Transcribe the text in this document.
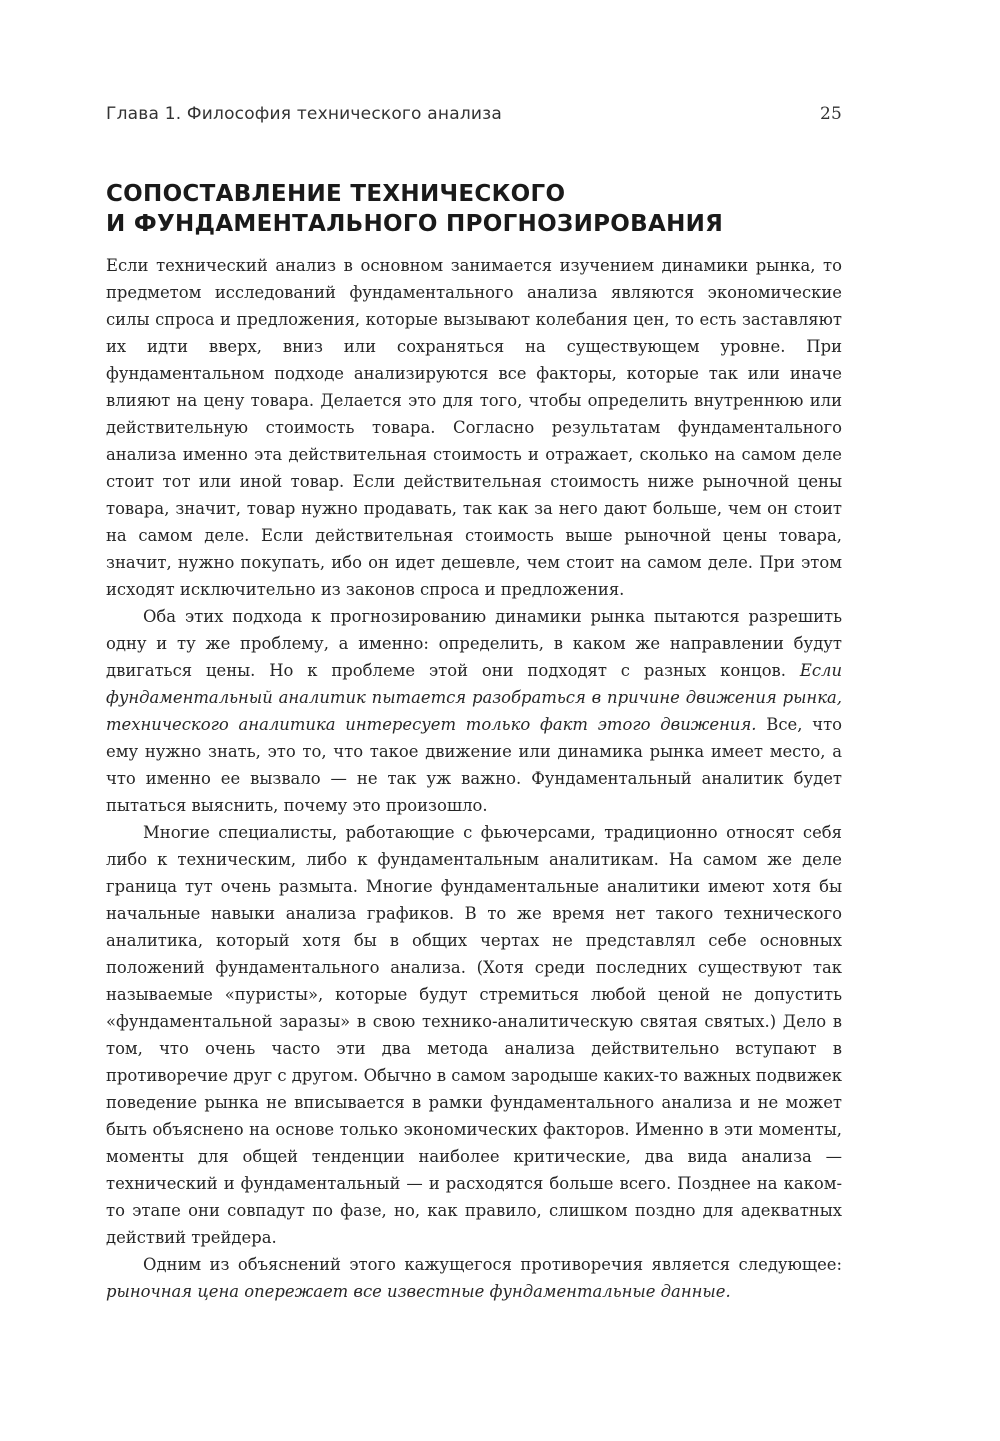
Глава 1. Философия технического анализа	25
СОПОСТАВЛЕНИЕ ТЕХНИЧЕСКОГО
И ФУНДАМЕНТАЛЬНОГО ПРОГНОЗИРОВАНИЯ

Если технический анализ в основном занимается изучением динамики рынка, то предметом исследований фундаментального анализа являются экономические силы спроса и предложения, которые вызывают колебания цен, то есть заставляют их идти вверх, вниз или сохраняться на существующем уровне. При фундаментальном подходе анализируются все факторы, которые так или иначе влияют на цену товара. Делается это для того, чтобы определить внутреннюю или действительную стоимость товара. Согласно результатам фундаментального анализа именно эта действительная стоимость и отражает, сколько на самом деле стоит тот или иной товар. Если действительная стоимость ниже рыночной цены товара, значит, товар нужно продавать, так как за него дают больше, чем он стоит на самом деле. Если действительная стоимость выше рыночной цены товара, значит, нужно покупать, ибо он идет дешевле, чем стоит на самом деле. При этом исходят исключительно из законов спроса и предложения.

Оба этих подхода к прогнозированию динамики рынка пытаются разрешить одну и ту же проблему, а именно: определить, в каком же направлении будут двигаться цены. Но к проблеме этой они подходят с разных концов. Если фундаментальный аналитик пытается разобраться в причине движения рынка, технического аналитика интересует только факт этого движения. Все, что ему нужно знать, это то, что такое движение или динамика рынка имеет место, а что именно ее вызвало — не так уж важно. Фундаментальный аналитик будет пытаться выяснить, почему это произошло.

Многие специалисты, работающие с фьючерсами, традиционно относят себя либо к техническим, либо к фундаментальным аналитикам. На самом же деле граница тут очень размыта. Многие фундаментальные аналитики имеют хотя бы начальные навыки анализа графиков. В то же время нет такого технического аналитика, который хотя бы в общих чертах не представлял себе основных положений фундаментального анализа. (Хотя среди последних существуют так называемые «пуристы», которые будут стремиться любой ценой не допустить «фундаментальной заразы» в свою технико-аналитическую святая святых.) Дело в том, что очень часто эти два метода анализа действительно вступают в противоречие друг с другом. Обычно в самом зародыше каких-то важных подвижек поведение рынка не вписывается в рамки фундаментального анализа и не может быть объяснено на основе только экономических факторов. Именно в эти моменты, моменты для общей тенденции наиболее критические, два вида анализа — технический и фундаментальный — и расходятся больше всего. Позднее на каком-то этапе они совпадут по фазе, но, как правило, слишком поздно для адекватных действий трейдера.

Одним из объяснений этого кажущегося противоречия является следующее: рыночная цена опережает все известные фундаментальные данные.
